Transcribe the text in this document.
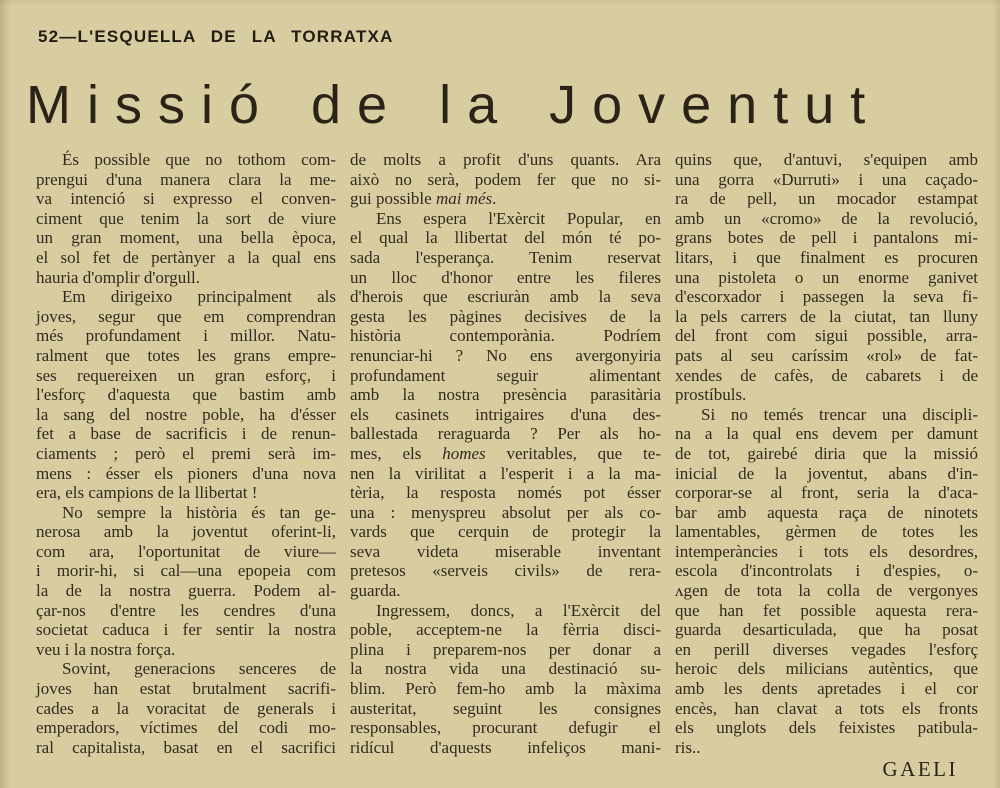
52—L'ESQUELLA DE LA TORRATXA
Missió de la Joventut
És possible que no tothom com-
prengui d'una manera clara la me-
va intenció si expresso el conven-
ciment que tenim la sort de viure
un gran moment, una bella època,
el sol fet de pertànyer a la qual ens
hauria d'omplir d'orgull.
Em dirigeixo principalment als
joves, segur que em comprendran
més profundament i millor. Natu-
ralment que totes les grans empre-
ses requereixen un gran esforç, i
l'esforç d'aquesta que bastim amb
la sang del nostre poble, ha d'ésser
fet a base de sacrificis i de renun-
ciaments ; però el premi serà im-
mens : ésser els pioners d'una nova
era, els campions de la llibertat !
No sempre la història és tan ge-
nerosa amb la joventut oferint-li,
com ara, l'oportunitat de viure—
i morir-hi, si cal—una epopeia com
la de la nostra guerra. Podem al-
çar-nos d'entre les cendres d'una
societat caduca i fer sentir la nostra
veu i la nostra força.
Sovint, generacions senceres de
joves han estat brutalment sacrifi-
cades a la voracitat de generals i
emperadors, víctimes del codi mo-
ral capitalista, basat en el sacrifici
de molts a profit d'uns quants. Ara
això no serà, podem fer que no si-
gui possible mai més.
Ens espera l'Exèrcit Popular, en
el qual la llibertat del món té po-
sada l'esperança. Tenim reservat
un lloc d'honor entre les fileres
d'herois que escriuràn amb la seva
gesta les pàgines decisives de la
història contemporània. Podríem
renunciar-hi ? No ens avergonyiria
profundament seguir alimentant
amb la nostra presència parasitària
els casinets intrigaires d'una des-
ballestada reraguarda ? Per als ho-
mes, els homes veritables, que te-
nen la virilitat a l'esperit i a la ma-
tèria, la resposta només pot ésser
una : menyspreu absolut per als co-
vards que cerquin de protegir la
seva videta miserable inventant
pretesos «serveis civils» de rera-
guarda.
Ingressem, doncs, a l'Exèrcit del
poble, acceptem-ne la fèrria disci-
plina i preparem-nos per donar a
la nostra vida una destinació su-
blim. Però fem-ho amb la màxima
austeritat, seguint les consignes
responsables, procurant defugir el
ridícul d'aquests infeliços mani-
quins que, d'antuvi, s'equipen amb
una gorra «Durruti» i una caçado-
ra de pell, un mocador estampat
amb un «cromo» de la revolució,
grans botes de pell i pantalons mi-
litars, i que finalment es procuren
una pistoleta o un enorme ganivet
d'escorxador i passegen la seva fi-
la pels carrers de la ciutat, tan lluny
del front com sigui possible, arra-
pats al seu caríssim «rol» de fat-
xendes de cafès, de cabarets i de
prostíbuls.
Si no temés trencar una discipli-
na a la qual ens devem per damunt
de tot, gairebé diria que la missió
inicial de la joventut, abans d'in-
corporar-se al front, seria la d'aca-
bar amb aquesta raça de ninotets
lamentables, gèrmen de totes les
intemperàncies i tots els desordres,
escola d'incontrolats i d'espies, o-
ʌgen de tota la colla de vergonyes
que han fet possible aquesta rera-
guarda desarticulada, que ha posat
en perill diverses vegades l'esforç
heroic dels milicians autèntics, que
amb les dents apretades i el cor
encès, han clavat a tots els fronts
els unglots dels feixistes patibula-
ris..
GAELI
